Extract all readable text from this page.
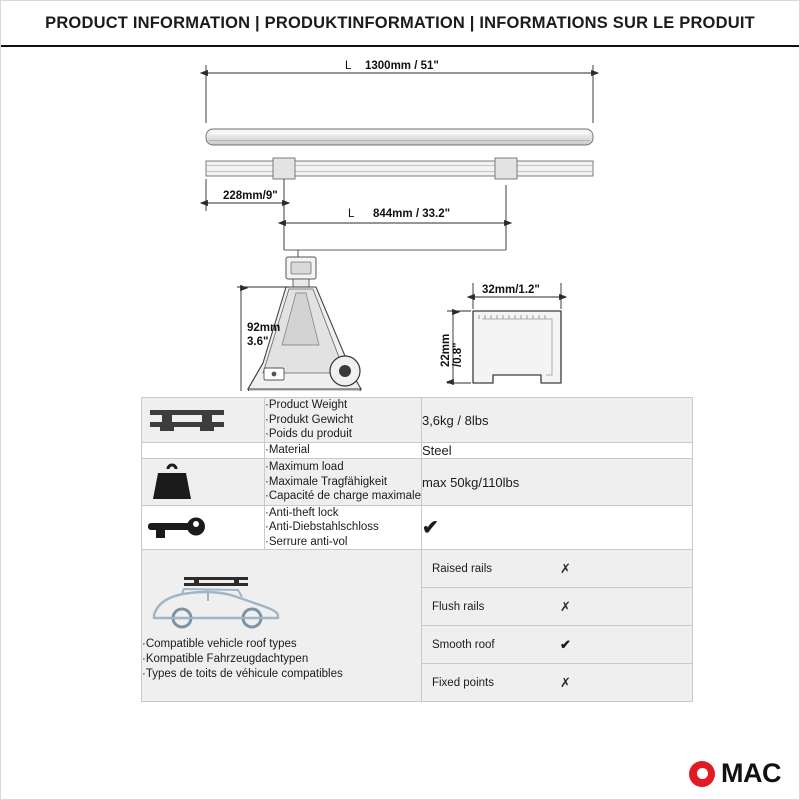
PRODUCT INFORMATION | PRODUKTINFORMATION | INFORMATIONS SUR LE PRODUIT
L 1300mm / 51"
228mm/9"
L 844mm / 33.2"
92mm
3.6"
32mm/1.2"
22mm /0.8"

·Product Weight
·Produkt Gewicht
·Poids du produit
	3,6kg / 8lbs

·Material	Steel

·Maximum load
·Maximale Tragfähigkeit
·Capacité de charge maximale
	max 50kg/110lbs

·Anti-theft lock
·Anti-Diebstahlschloss
·Serrure anti-vol
	✔

·Compatible vehicle roof types
·Kompatible Fahrzeugdachtypen
·Types de toits de véhicule compatibles

Raised rails	✗
Flush rails	✗
Smooth roof	✔
Fixed points	✗
MAC
